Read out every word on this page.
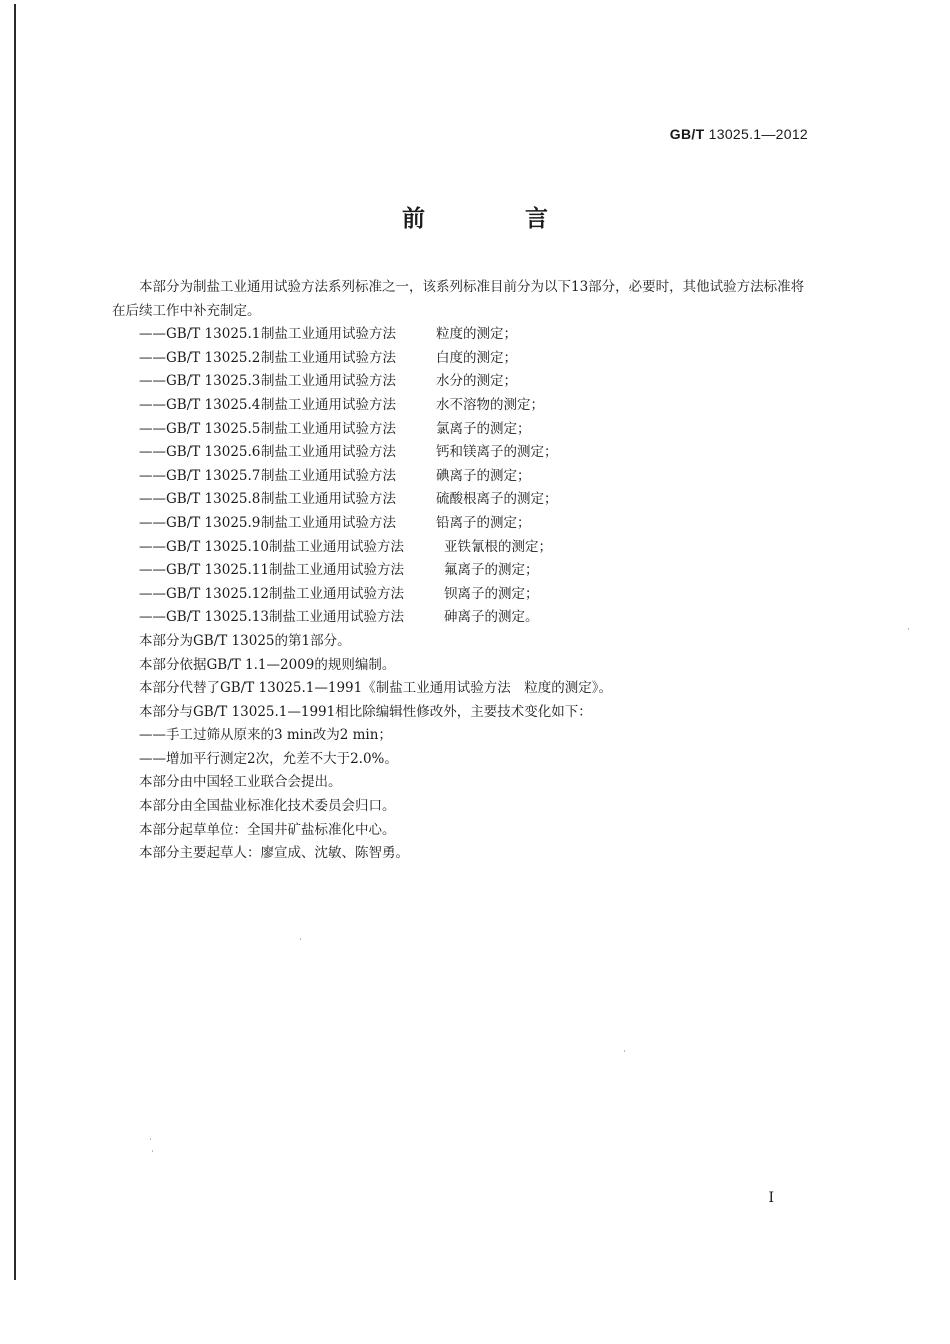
GB/T 13025.1—2012
前 言

本部分为制盐工业通用试验方法系列标准之一，该系列标准目前分为以下13部分，必要时，其他试验方法标准将在后续工作中补充制定。

——GB/T 13025.1制盐工业通用试验方法	粒度的测定；
——GB/T 13025.2制盐工业通用试验方法	白度的测定；
——GB/T 13025.3制盐工业通用试验方法	水分的测定；
——GB/T 13025.4制盐工业通用试验方法	水不溶物的测定；
——GB/T 13025.5制盐工业通用试验方法	氯离子的测定；
——GB/T 13025.6制盐工业通用试验方法	钙和镁离子的测定；
——GB/T 13025.7制盐工业通用试验方法	碘离子的测定；
——GB/T 13025.8制盐工业通用试验方法	硫酸根离子的测定；
——GB/T 13025.9制盐工业通用试验方法	铅离子的测定；
——GB/T 13025.10制盐工业通用试验方法	亚铁氰根的测定；
——GB/T 13025.11制盐工业通用试验方法	氟离子的测定；
——GB/T 13025.12制盐工业通用试验方法	钡离子的测定；
——GB/T 13025.13制盐工业通用试验方法	砷离子的测定。

本部分为GB/T 13025的第1部分。

本部分依据GB/T 1.1—2009的规则编制。

本部分代替了GB/T 13025.1—1991《制盐工业通用试验方法　粒度的测定》。

本部分与GB/T 13025.1—1991相比除编辑性修改外，主要技术变化如下：

——手工过筛从原来的3 min改为2 min；

——增加平行测定2次，允差不大于2.0%。

本部分由中国轻工业联合会提出。

本部分由全国盐业标准化技术委员会归口。

本部分起草单位：全国井矿盐标准化中心。

本部分主要起草人：廖宣成、沈敏、陈智勇。

I
